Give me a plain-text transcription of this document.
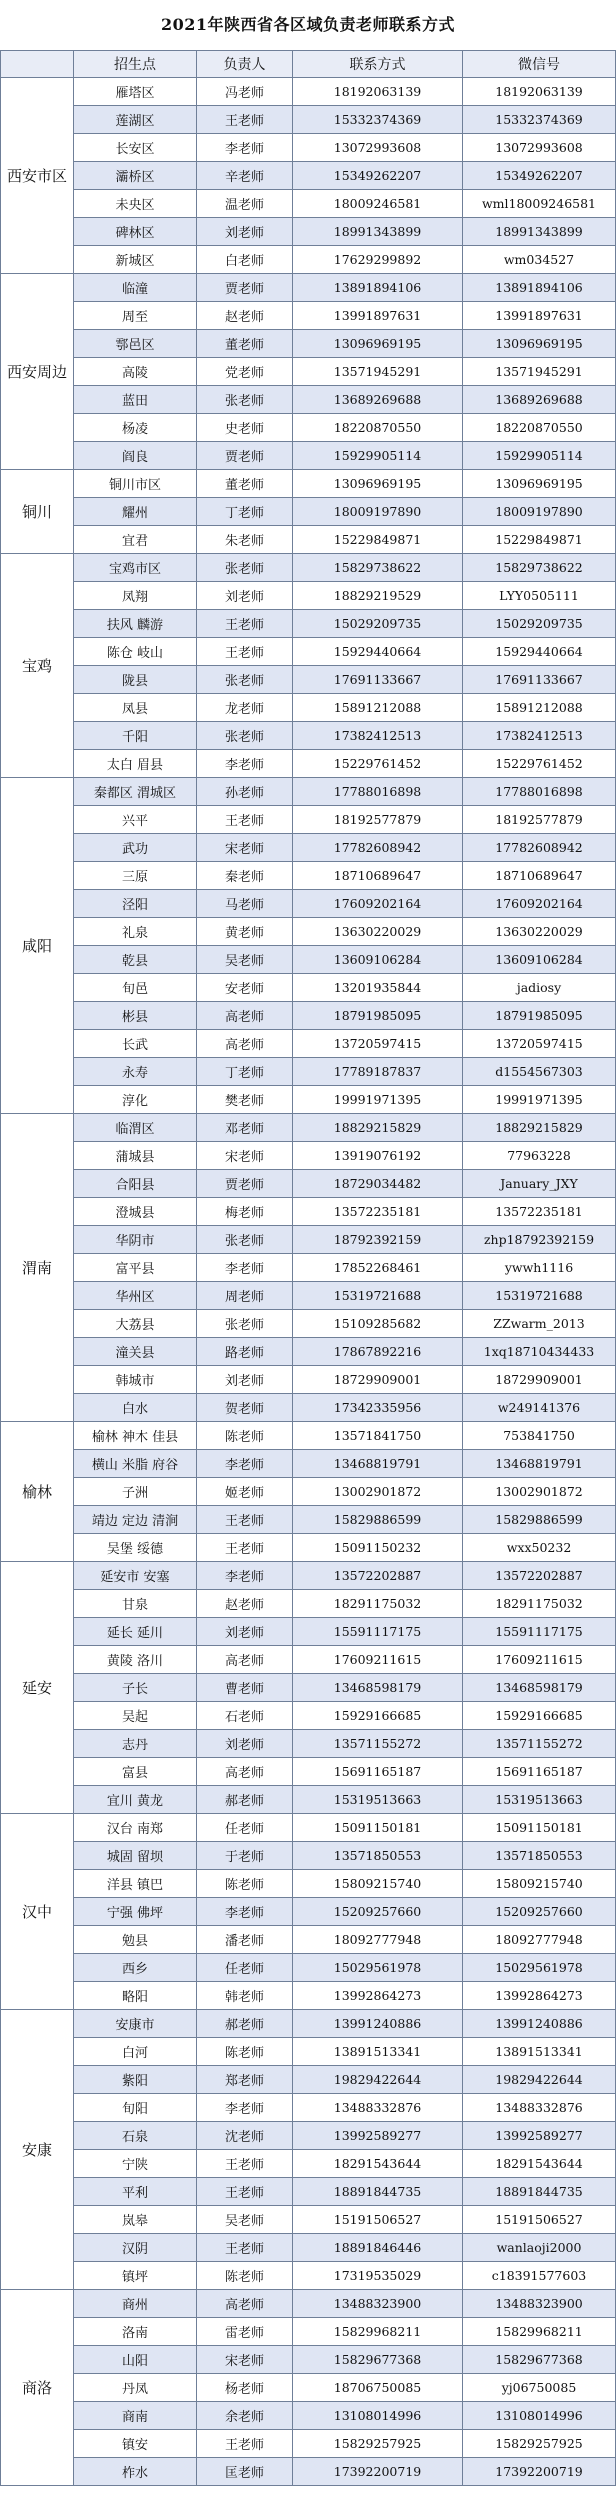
2021年陕西省各区域负责老师联系方式
	招生点	负责人	联系方式	微信号
西安市区	雁塔区	冯老师	18192063139	18192063139
	莲湖区	王老师	15332374369	15332374369
	长安区	李老师	13072993608	13072993608
	灞桥区	辛老师	15349262207	15349262207
	未央区	温老师	18009246581	wml18009246581
	碑林区	刘老师	18991343899	18991343899
	新城区	白老师	17629299892	wm034527
西安周边	临潼	贾老师	13891894106	13891894106
	周至	赵老师	13991897631	13991897631
	鄠邑区	董老师	13096969195	13096969195
	高陵	党老师	13571945291	13571945291
	蓝田	张老师	13689269688	13689269688
	杨凌	史老师	18220870550	18220870550
	阎良	贾老师	15929905114	15929905114
铜川	铜川市区	董老师	13096969195	13096969195
	耀州	丁老师	18009197890	18009197890
	宜君	朱老师	15229849871	15229849871
宝鸡	宝鸡市区	张老师	15829738622	15829738622
	凤翔	刘老师	18829219529	LYY0505111
	扶风 麟游	王老师	15029209735	15029209735
	陈仓 岐山	王老师	15929440664	15929440664
	陇县	张老师	17691133667	17691133667
	凤县	龙老师	15891212088	15891212088
	千阳	张老师	17382412513	17382412513
	太白 眉县	李老师	15229761452	15229761452
咸阳	秦都区 渭城区	孙老师	17788016898	17788016898
	兴平	王老师	18192577879	18192577879
	武功	宋老师	17782608942	17782608942
	三原	秦老师	18710689647	18710689647
	泾阳	马老师	17609202164	17609202164
	礼泉	黄老师	13630220029	13630220029
	乾县	吴老师	13609106284	13609106284
	旬邑	安老师	13201935844	jadiosy
	彬县	高老师	18791985095	18791985095
	长武	高老师	13720597415	13720597415
	永寿	丁老师	17789187837	d1554567303
	淳化	樊老师	19991971395	19991971395
渭南	临渭区	邓老师	18829215829	18829215829
	蒲城县	宋老师	13919076192	77963228
	合阳县	贾老师	18729034482	January_JXY
	澄城县	梅老师	13572235181	13572235181
	华阴市	张老师	18792392159	zhp18792392159
	富平县	李老师	17852268461	ywwh1116
	华州区	周老师	15319721688	15319721688
	大荔县	张老师	15109285682	ZZwarm_2013
	潼关县	路老师	17867892216	1xq18710434433
	韩城市	刘老师	18729909001	18729909001
	白水	贺老师	17342335956	w249141376
榆林	榆林 神木 佳县	陈老师	13571841750	753841750
	横山 米脂 府谷	李老师	13468819791	13468819791
	子洲	姬老师	13002901872	13002901872
	靖边 定边 清涧	王老师	15829886599	15829886599
	吴堡 绥德	王老师	15091150232	wxx50232
延安	延安市 安塞	李老师	13572202887	13572202887
	甘泉	赵老师	18291175032	18291175032
	延长 延川	刘老师	15591117175	15591117175
	黄陵 洛川	高老师	17609211615	17609211615
	子长	曹老师	13468598179	13468598179
	吴起	石老师	15929166685	15929166685
	志丹	刘老师	13571155272	13571155272
	富县	高老师	15691165187	15691165187
	宜川 黄龙	郝老师	15319513663	15319513663
汉中	汉台 南郑	任老师	15091150181	15091150181
	城固 留坝	于老师	13571850553	13571850553
	洋县 镇巴	陈老师	15809215740	15809215740
	宁强 佛坪	李老师	15209257660	15209257660
	勉县	潘老师	18092777948	18092777948
	西乡	任老师	15029561978	15029561978
	略阳	韩老师	13992864273	13992864273
安康	安康市	郝老师	13991240886	13991240886
	白河	陈老师	13891513341	13891513341
	紫阳	郑老师	19829422644	19829422644
	旬阳	李老师	13488332876	13488332876
	石泉	沈老师	13992589277	13992589277
	宁陕	王老师	18291543644	18291543644
	平利	王老师	18891844735	18891844735
	岚皋	吴老师	15191506527	15191506527
	汉阴	王老师	18891846446	wanlaoji2000
	镇坪	陈老师	17319535029	c18391577603
商洛	商州	高老师	13488323900	13488323900
	洛南	雷老师	15829968211	15829968211
	山阳	宋老师	15829677368	15829677368
	丹凤	杨老师	18706750085	yj06750085
	商南	余老师	13108014996	13108014996
	镇安	王老师	15829257925	15829257925
	柞水	匡老师	17392200719	17392200719
